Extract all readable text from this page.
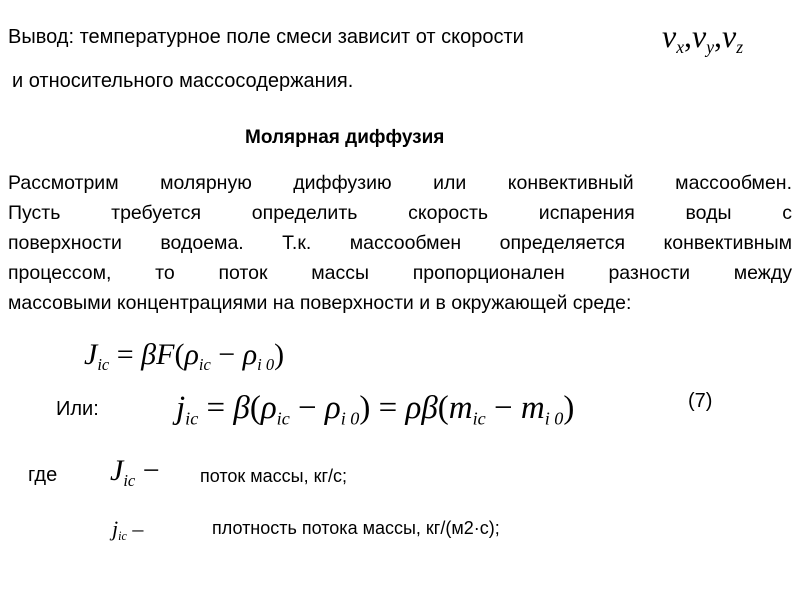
Вывод: температурное поле смеси зависит от скорости	$v_x,v_y,v_z$
и относительного массосодержания.
Молярная диффузия
Рассмотрим молярную диффузию или конвективный массообмен.
Пусть требуется определить скорость испарения воды с
поверхности водоема. Т.к. массообмен определяется конвективным
процессом, то поток массы пропорционален разности между
массовыми концентрациями на поверхности и в окружающей среде:
$J_{ic} = \beta F(\rho_{ic} - \rho_{i 0})$
Или: $j_{ic} = \beta(\rho_{ic} - \rho_{i 0}) = \rho\beta(m_{ic} - m_{i 0})$	(7)
где $J_{ic}$ − поток массы, кг/с;
$j_{ic}$ –	плотность потока массы, кг/(м2·с);
